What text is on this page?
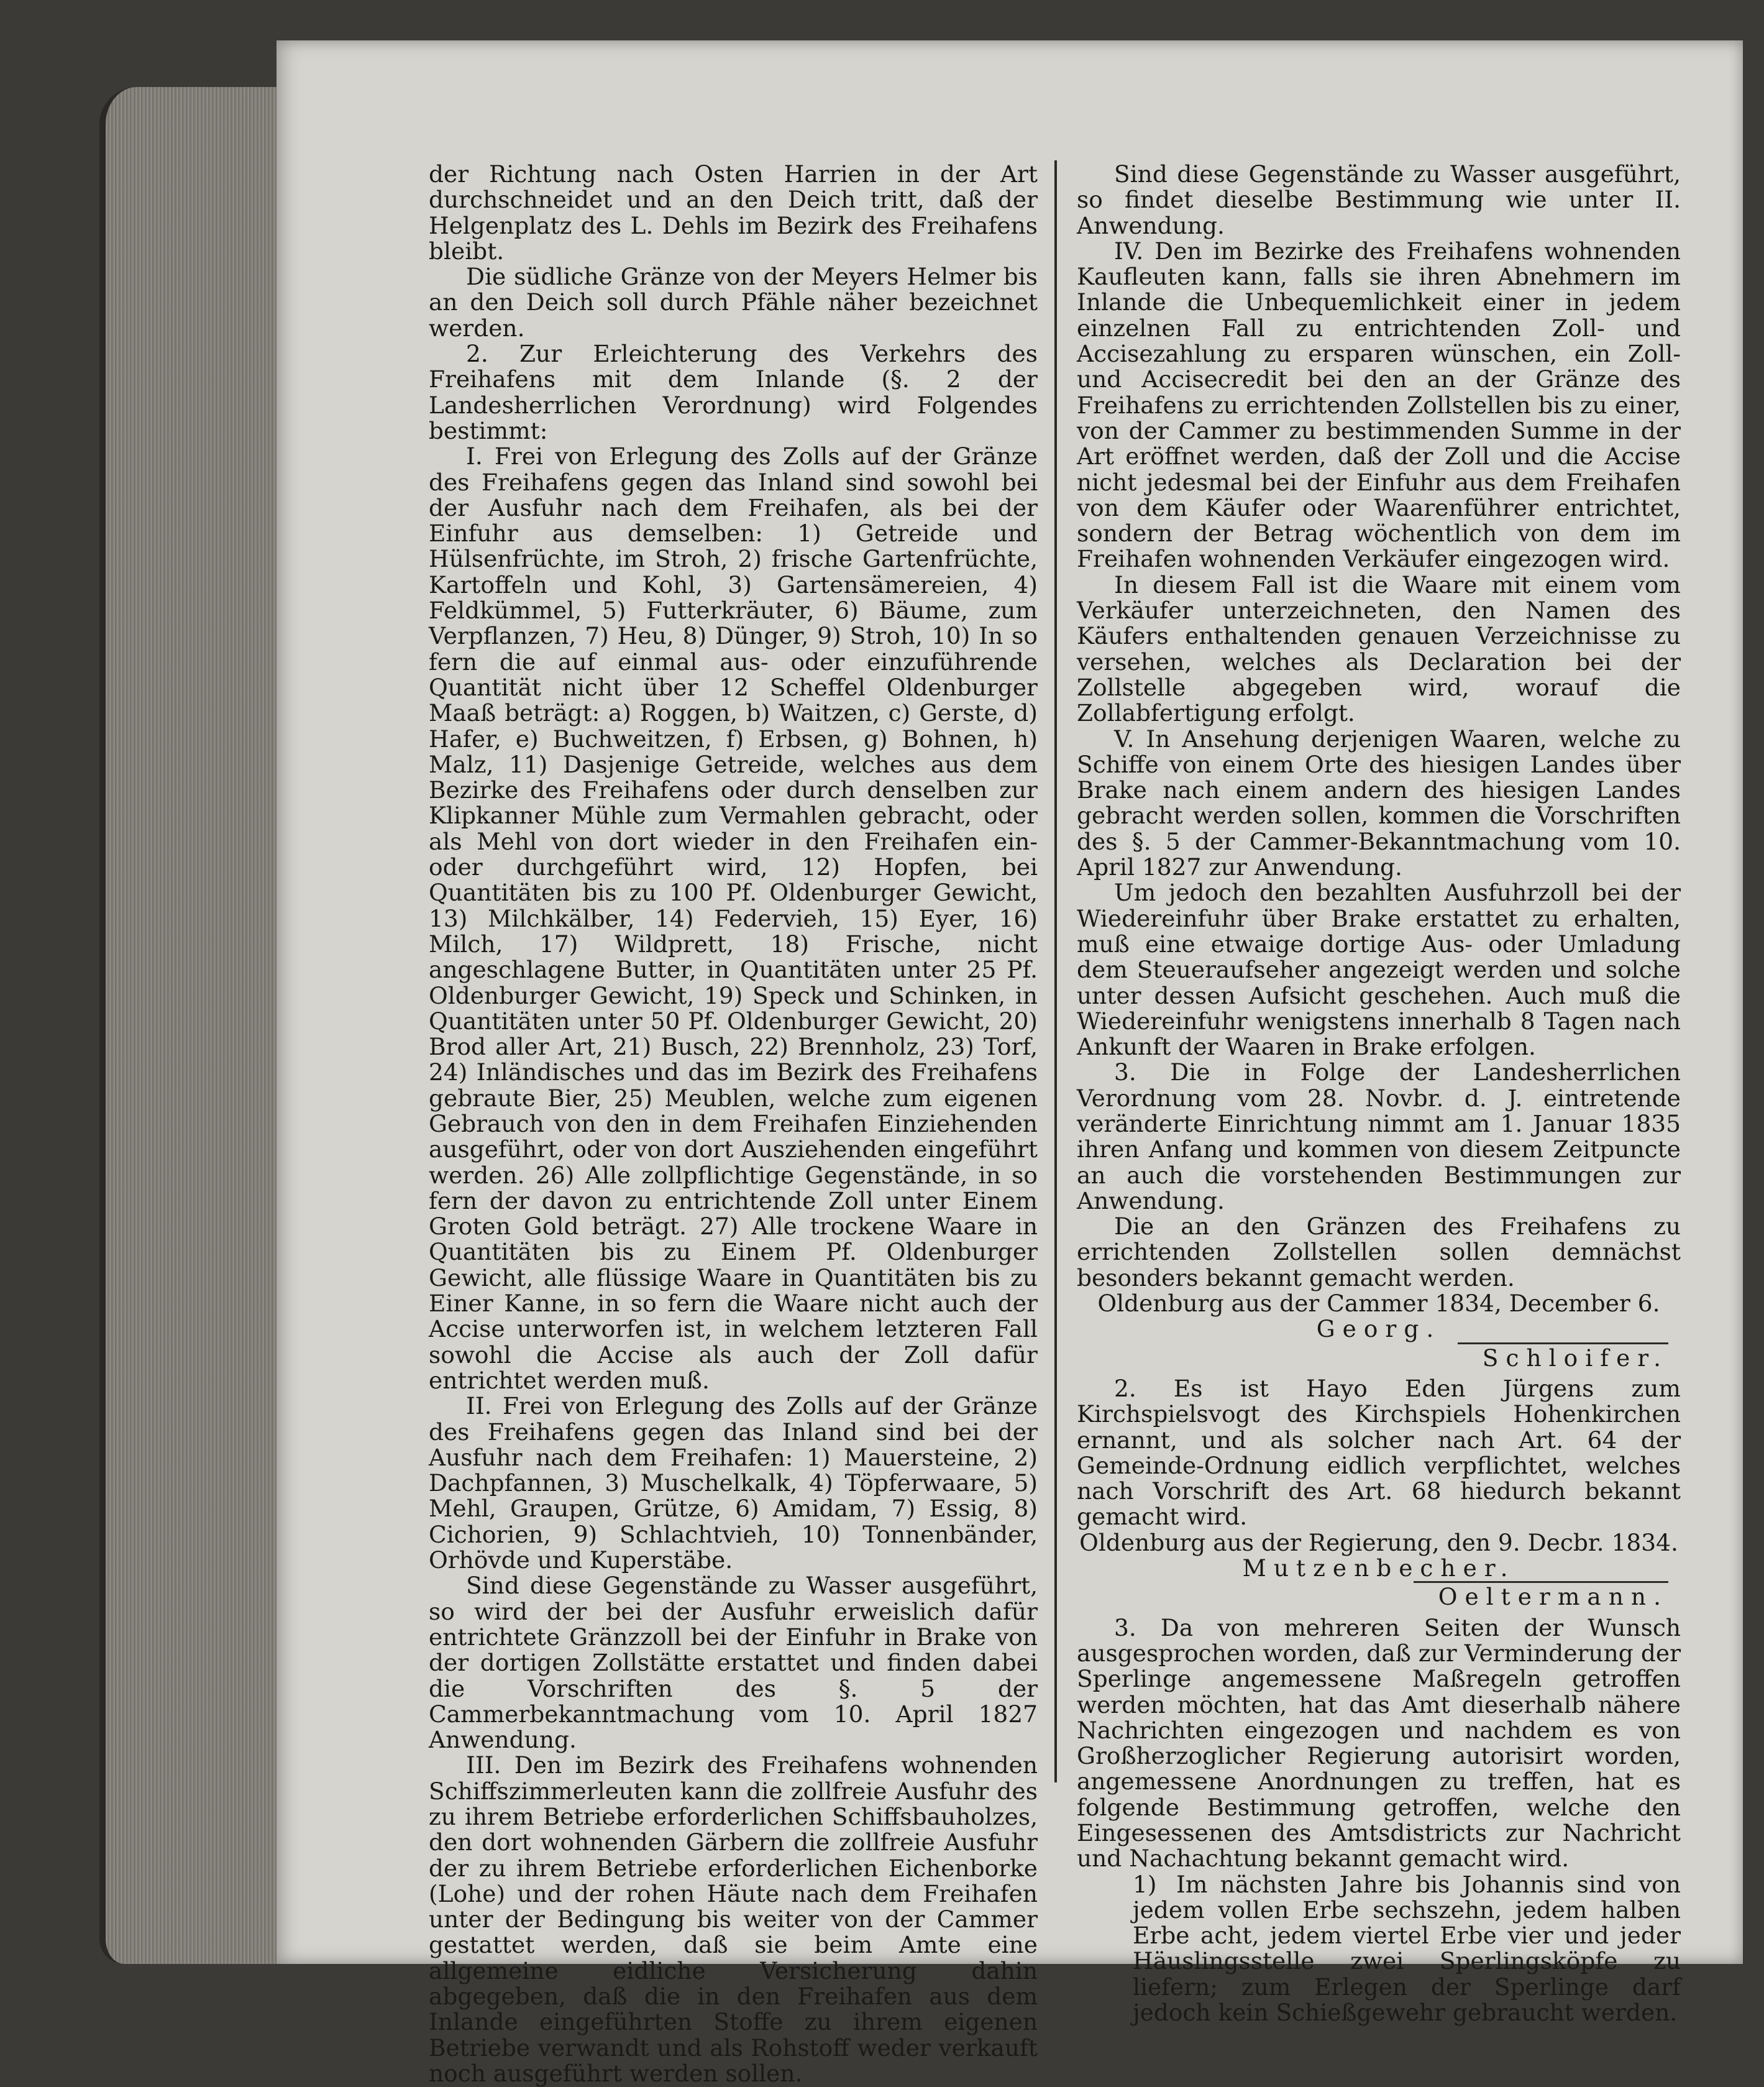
der Richtung nach Osten Harrien in der Art durchschneidet und an den Deich tritt, daß der Helgenplatz des L. Dehls im Bezirk des Freihafens bleibt.

Die südliche Gränze von der Meyers Helmer bis an den Deich soll durch Pfähle näher bezeichnet werden.

2. Zur Erleichterung des Verkehrs des Freihafens mit dem Inlande (§. 2 der Landesherrlichen Verordnung) wird Folgendes bestimmt:

I. Frei von Erlegung des Zolls auf der Gränze des Freihafens gegen das Inland sind sowohl bei der Ausfuhr nach dem Freihafen, als bei der Einfuhr aus demselben: 1) Getreide und Hülsenfrüchte, im Stroh, 2) frische Gartenfrüchte, Kartoffeln und Kohl, 3) Gartensämereien, 4) Feldkümmel, 5) Futterkräuter, 6) Bäume, zum Verpflanzen, 7) Heu, 8) Dünger, 9) Stroh, 10) In so fern die auf einmal aus- oder einzuführende Quantität nicht über 12 Scheffel Oldenburger Maaß beträgt: a) Roggen, b) Waitzen, c) Gerste, d) Hafer, e) Buchweitzen, f) Erbsen, g) Bohnen, h) Malz, 11) Dasjenige Getreide, welches aus dem Bezirke des Freihafens oder durch denselben zur Klipkanner Mühle zum Vermahlen gebracht, oder als Mehl von dort wieder in den Freihafen ein- oder durchgeführt wird, 12) Hopfen, bei Quantitäten bis zu 100 Pf. Oldenburger Gewicht, 13) Milchkälber, 14) Federvieh, 15) Eyer, 16) Milch, 17) Wildprett, 18) Frische, nicht angeschlagene Butter, in Quantitäten unter 25 Pf. Oldenburger Gewicht, 19) Speck und Schinken, in Quantitäten unter 50 Pf. Oldenburger Gewicht, 20) Brod aller Art, 21) Busch, 22) Brennholz, 23) Torf, 24) Inländisches und das im Bezirk des Freihafens gebraute Bier, 25) Meublen, welche zum eigenen Gebrauch von den in dem Freihafen Einziehenden ausgeführt, oder von dort Ausziehenden eingeführt werden. 26) Alle zollpflichtige Gegenstände, in so fern der davon zu entrichtende Zoll unter Einem Groten Gold beträgt. 27) Alle trockene Waare in Quantitäten bis zu Einem Pf. Oldenburger Gewicht, alle flüssige Waare in Quantitäten bis zu Einer Kanne, in so fern die Waare nicht auch der Accise unterworfen ist, in welchem letzteren Fall sowohl die Accise als auch der Zoll dafür entrichtet werden muß.

II. Frei von Erlegung des Zolls auf der Gränze des Freihafens gegen das Inland sind bei der Ausfuhr nach dem Freihafen: 1) Mauersteine, 2) Dachpfannen, 3) Muschelkalk, 4) Töpferwaare, 5) Mehl, Graupen, Grütze, 6) Amidam, 7) Essig, 8) Cichorien, 9) Schlachtvieh, 10) Tonnenbänder, Orhövde und Kuperstäbe.

Sind diese Gegenstände zu Wasser ausgeführt, so wird der bei der Ausfuhr erweislich dafür entrichtete Gränzzoll bei der Einfuhr in Brake von der dortigen Zollstätte erstattet und finden dabei die Vorschriften des §. 5 der Cammerbekanntmachung vom 10. April 1827 Anwendung.

III. Den im Bezirk des Freihafens wohnenden Schiffszimmerleuten kann die zollfreie Ausfuhr des zu ihrem Betriebe erforderlichen Schiffsbauholzes, den dort wohnenden Gärbern die zollfreie Ausfuhr der zu ihrem Betriebe erforderlichen Eichenborke (Lohe) und der rohen Häute nach dem Freihafen unter der Bedingung bis weiter von der Cammer gestattet werden, daß sie beim Amte eine allgemeine eidliche Versicherung dahin abgegeben, daß die in den Freihafen aus dem Inlande eingeführten Stoffe zu ihrem eigenen Betriebe verwandt und als Rohstoff weder verkauft noch ausgeführt werden sollen.

Sind diese Gegenstände zu Wasser ausgeführt, so findet dieselbe Bestimmung wie unter II. Anwendung.

IV. Den im Bezirke des Freihafens wohnenden Kaufleuten kann, falls sie ihren Abnehmern im Inlande die Unbequemlichkeit einer in jedem einzelnen Fall zu entrichtenden Zoll- und Accisezahlung zu ersparen wünschen, ein Zoll- und Accisecredit bei den an der Gränze des Freihafens zu errichtenden Zollstellen bis zu einer, von der Cammer zu bestimmenden Summe in der Art eröffnet werden, daß der Zoll und die Accise nicht jedesmal bei der Einfuhr aus dem Freihafen von dem Käufer oder Waarenführer entrichtet, sondern der Betrag wöchentlich von dem im Freihafen wohnenden Verkäufer eingezogen wird.

In diesem Fall ist die Waare mit einem vom Verkäufer unterzeichneten, den Namen des Käufers enthaltenden genauen Verzeichnisse zu versehen, welches als Declaration bei der Zollstelle abgegeben wird, worauf die Zollabfertigung erfolgt.

V. In Ansehung derjenigen Waaren, welche zu Schiffe von einem Orte des hiesigen Landes über Brake nach einem andern des hiesigen Landes gebracht werden sollen, kommen die Vorschriften des §. 5 der Cammer-Bekanntmachung vom 10. April 1827 zur Anwendung.

Um jedoch den bezahlten Ausfuhrzoll bei der Wiedereinfuhr über Brake erstattet zu erhalten, muß eine etwaige dortige Aus- oder Umladung dem Steueraufseher angezeigt werden und solche unter dessen Aufsicht geschehen. Auch muß die Wiedereinfuhr wenigstens innerhalb 8 Tagen nach Ankunft der Waaren in Brake erfolgen.

3. Die in Folge der Landesherrlichen Verordnung vom 28. Novbr. d. J. eintretende veränderte Einrichtung nimmt am 1. Januar 1835 ihren Anfang und kommen von diesem Zeitpuncte an auch die vorstehenden Bestimmungen zur Anwendung.

Die an den Gränzen des Freihafens zu errichtenden Zollstellen sollen demnächst besonders bekannt gemacht werden.

Oldenburg aus der Cammer 1834, December 6.

Georg.

Schloifer.

2. Es ist Hayo Eden Jürgens zum Kirchspielsvogt des Kirchspiels Hohenkirchen ernannt, und als solcher nach Art. 64 der Gemeinde-Ordnung eidlich verpflichtet, welches nach Vorschrift des Art. 68 hiedurch bekannt gemacht wird.

Oldenburg aus der Regierung, den 9. Decbr. 1834.

Mutzenbecher.

Oeltermann.

3. Da von mehreren Seiten der Wunsch ausgesprochen worden, daß zur Verminderung der Sperlinge angemessene Maßregeln getroffen werden möchten, hat das Amt dieserhalb nähere Nachrichten eingezogen und nachdem es von Großherzoglicher Regierung autorisirt worden, angemessene Anordnungen zu treffen, hat es folgende Bestimmung getroffen, welche den Eingesessenen des Amtsdistricts zur Nachricht und Nachachtung bekannt gemacht wird.

1) Im nächsten Jahre bis Johannis sind von jedem vollen Erbe sechszehn, jedem halben Erbe acht, jedem viertel Erbe vier und jeder Häuslingsstelle zwei Sperlingsköpfe zu liefern; zum Erlegen der Sperlinge darf jedoch kein Schießgewehr gebraucht werden.
